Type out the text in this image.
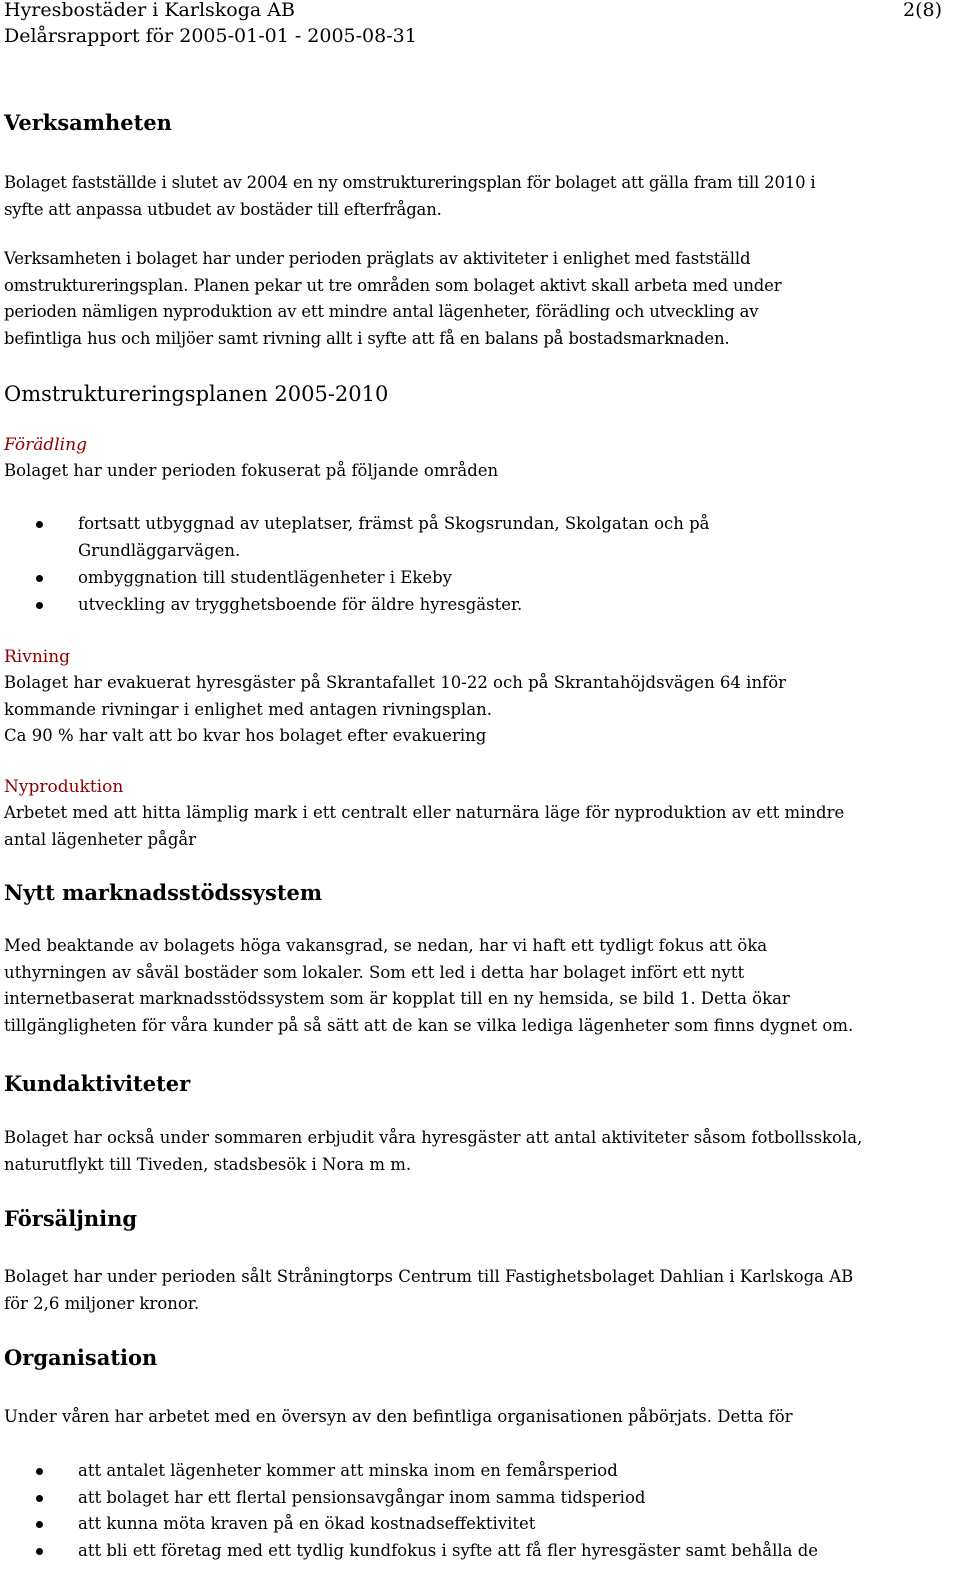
Hyresbostäder i Karlskoga AB
Delårsrapport för 2005-01-01 - 2005-08-31
2(8)
Verksamheten
Bolaget fastställde i slutet av 2004 en ny omstruktureringsplan för bolaget att gälla fram till 2010 i
syfte att anpassa utbudet av bostäder till efterfrågan.
Verksamheten i bolaget har under perioden präglats av aktiviteter i enlighet med fastställd
omstruktureringsplan. Planen pekar ut tre områden som bolaget aktivt skall arbeta med under
perioden nämligen nyproduktion av ett mindre antal lägenheter, förädling och utveckling av
befintliga hus och miljöer samt rivning allt i syfte att få en balans på bostadsmarknaden.
Omstruktureringsplanen 2005-2010
Förädling
Bolaget har under perioden fokuserat på följande områden
fortsatt utbyggnad av uteplatser, främst på Skogsrundan, Skolgatan och på
Grundläggarvägen.
ombyggnation till studentlägenheter i Ekeby
utveckling av trygghetsboende för äldre hyresgäster.
Rivning
Bolaget har evakuerat hyresgäster på Skrantafallet 10-22 och på Skrantahöjdsvägen 64 inför
kommande rivningar i enlighet med antagen rivningsplan.
Ca 90 % har valt att bo kvar hos bolaget efter evakuering
Nyproduktion
Arbetet med att hitta lämplig mark i ett centralt eller naturnära läge för nyproduktion av ett mindre
antal lägenheter pågår
Nytt marknadsstödssystem
Med beaktande av bolagets höga vakansgrad, se nedan, har vi haft ett tydligt fokus att öka
uthyrningen av såväl bostäder som lokaler. Som ett led i detta har bolaget infört ett nytt
internetbaserat marknadsstödssystem som är kopplat till en ny hemsida, se bild 1. Detta ökar
tillgängligheten för våra kunder på så sätt att de kan se vilka lediga lägenheter som finns dygnet om.
Kundaktiviteter
Bolaget har också under sommaren erbjudit våra hyresgäster att antal aktiviteter såsom fotbollsskola,
naturutflykt till Tiveden, stadsbesök i Nora m m.
Försäljning
Bolaget har under perioden sålt Stråningtorps Centrum till Fastighetsbolaget Dahlian i Karlskoga AB
för 2,6 miljoner kronor.
Organisation
Under våren har arbetet med en översyn av den befintliga organisationen påbörjats. Detta för
att antalet lägenheter kommer att minska inom en femårsperiod
att bolaget har ett flertal pensionsavgångar inom samma tidsperiod
att kunna möta kraven på en ökad kostnadseffektivitet
att bli ett företag med ett tydlig kundfokus i syfte att få fler hyresgäster samt behålla de
